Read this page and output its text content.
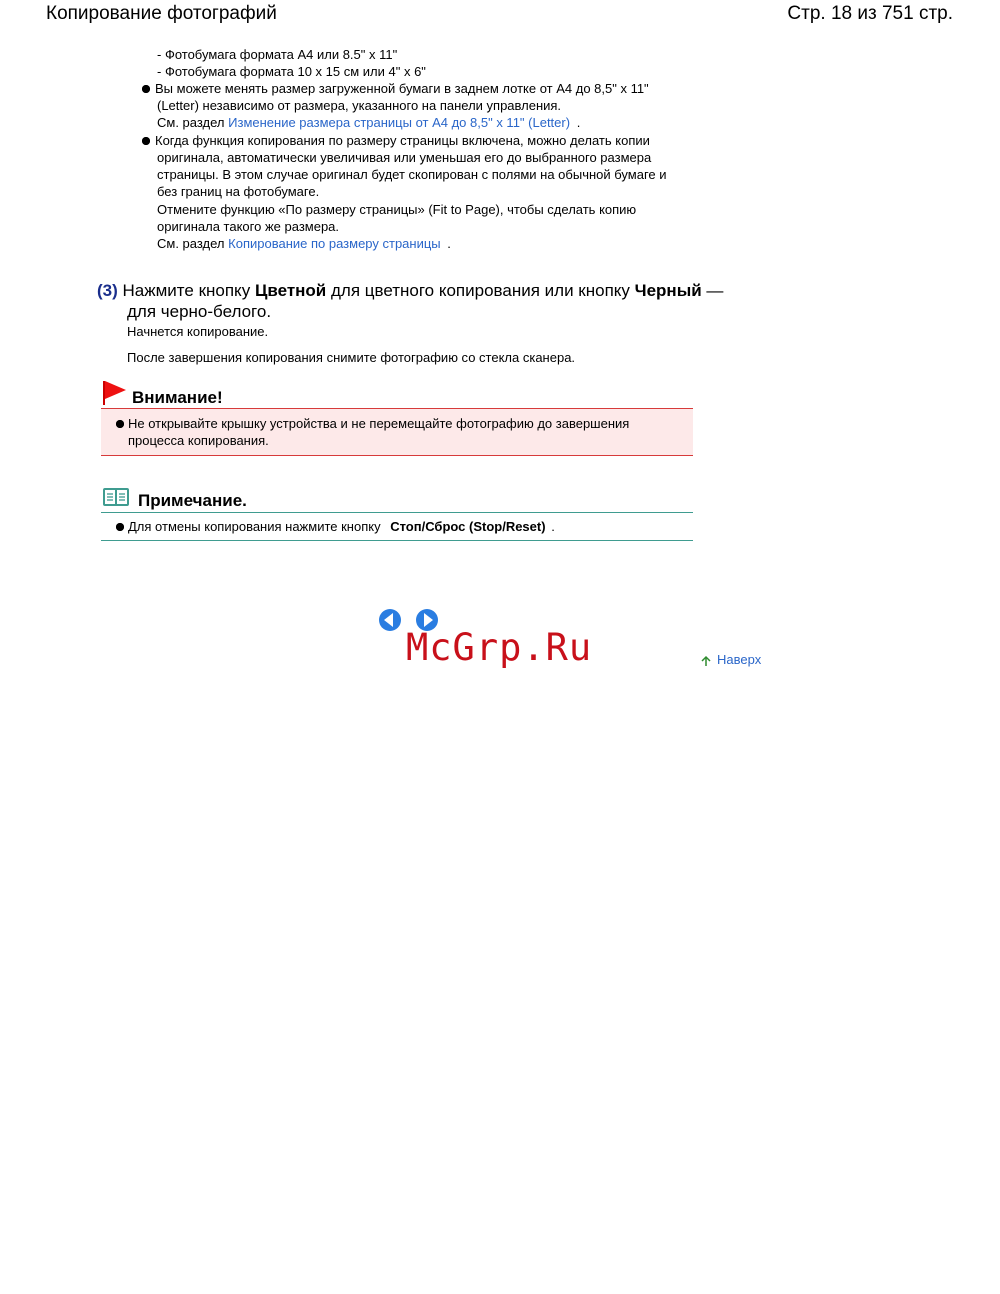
Копирование фотографий	Стр. 18 из 751 стр.
- Фотобумага формата A4 или 8.5" x 11"
- Фотобумага формата 10 x 15 см или 4" x 6"
Вы можете менять размер загруженной бумаги в заднем лотке от A4 до 8,5" x 11"
(Letter) независимо от размера, указанного на панели управления.
См. раздел Изменение размера страницы от A4 до 8,5" x 11" (Letter) .
Когда функция копирования по размеру страницы включена, можно делать копии
оригинала, автоматически увеличивая или уменьшая его до выбранного размера
страницы. В этом случае оригинал будет скопирован с полями на обычной бумаге и
без границ на фотобумаге.
Отмените функцию «По размеру страницы» (Fit to Page), чтобы сделать копию
оригинала такого же размера.
См. раздел Копирование по размеру страницы .
(3) Нажмите кнопку Цветной для цветного копирования или кнопку Черный —
для черно-белого.
Начнется копирование.
После завершения копирования снимите фотографию со стекла сканера.
Внимание!
Не открывайте крышку устройства и не перемещайте фотографию до завершения
процесса копирования.
Примечание.
Для отмены копирования нажмите кнопку Стоп/Сброс (Stop/Reset) .
McGrp.Ru	Наверх
